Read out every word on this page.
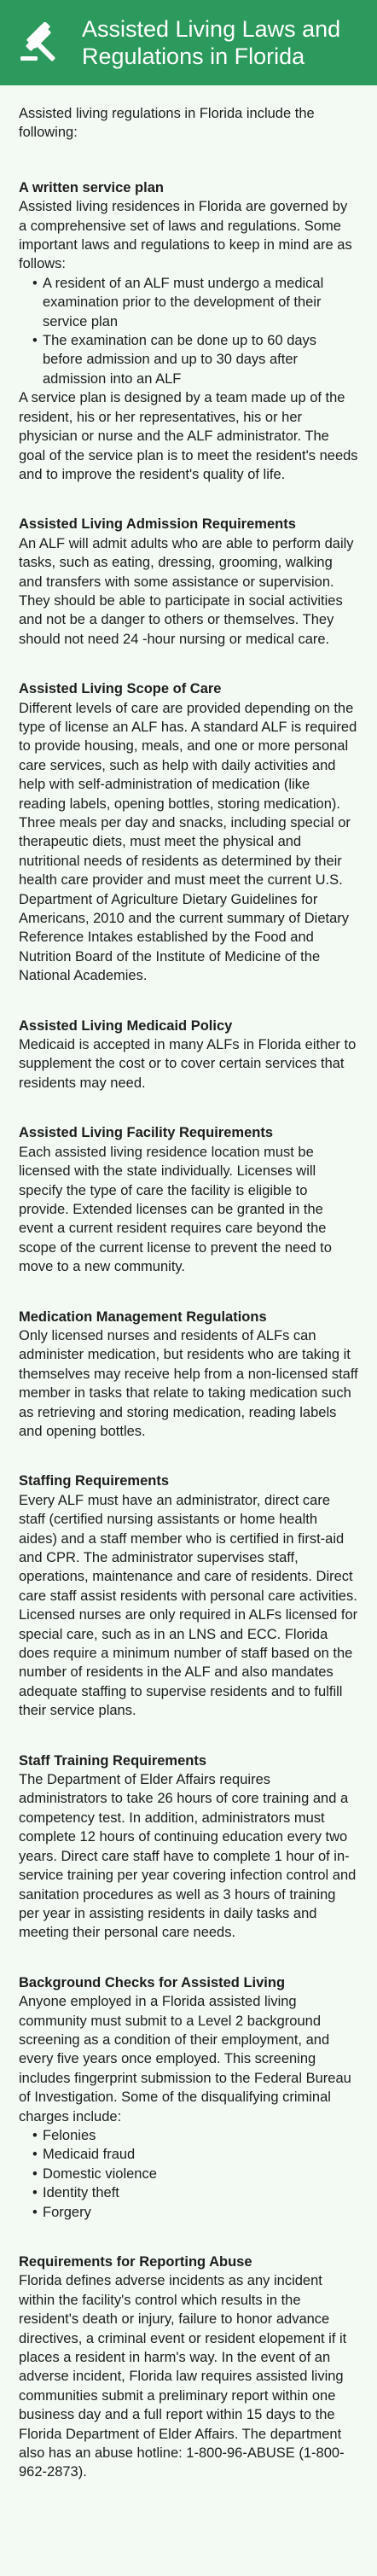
Assisted Living Laws and Regulations in Florida

Assisted living regulations in Florida include the following:

A written service plan

Assisted living residences in Florida are governed by a comprehensive set of laws and regulations. Some important laws and regulations to keep in mind are as follows:

• A resident of an ALF must undergo a medical examination prior to the development of their service plan
• The examination can be done up to 60 days before admission and up to 30 days after admission into an ALF

A service plan is designed by a team made up of the resident, his or her representatives, his or her physician or nurse and the ALF administrator. The goal of the service plan is to meet the resident's needs and to improve the resident's quality of life.

Assisted Living Admission Requirements

An ALF will admit adults who are able to perform daily tasks, such as eating, dressing, grooming, walking and transfers with some assistance or supervision. They should be able to participate in social activities and not be a danger to others or themselves. They should not need 24 -hour nursing or medical care.

Assisted Living Scope of Care

Different levels of care are provided depending on the type of license an ALF has. A standard ALF is required to provide housing, meals, and one or more personal care services, such as help with daily activities and help with self-administration of medication (like reading labels, opening bottles, storing medication). Three meals per day and snacks, including special or therapeutic diets, must meet the physical and nutritional needs of residents as determined by their health care provider and must meet the current U.S. Department of Agriculture Dietary Guidelines for Americans, 2010 and the current summary of Dietary Reference Intakes established by the Food and Nutrition Board of the Institute of Medicine of the National Academies.

Assisted Living Medicaid Policy

Medicaid is accepted in many ALFs in Florida either to supplement the cost or to cover certain services that residents may need.

Assisted Living Facility Requirements

Each assisted living residence location must be licensed with the state individually. Licenses will specify the type of care the facility is eligible to provide. Extended licenses can be granted in the event a current resident requires care beyond the scope of the current license to prevent the need to move to a new community.

Medication Management Regulations

Only licensed nurses and residents of ALFs can administer medication, but residents who are taking it themselves may receive help from a non-licensed staff member in tasks that relate to taking medication such as retrieving and storing medication, reading labels and opening bottles.

Staffing Requirements

Every ALF must have an administrator, direct care staff (certified nursing assistants or home health aides) and a staff member who is certified in first-aid and CPR. The administrator supervises staff, operations, maintenance and care of residents. Direct care staff assist residents with personal care activities. Licensed nurses are only required in ALFs licensed for special care, such as in an LNS and ECC. Florida does require a minimum number of staff based on the number of residents in the ALF and also mandates adequate staffing to supervise residents and to fulfill their service plans.

Staff Training Requirements

The Department of Elder Affairs requires administrators to take 26 hours of core training and a competency test. In addition, administrators must complete 12 hours of continuing education every two years. Direct care staff have to complete 1 hour of in-service training per year covering infection control and sanitation procedures as well as 3 hours of training per year in assisting residents in daily tasks and meeting their personal care needs.

Background Checks for Assisted Living

Anyone employed in a Florida assisted living community must submit to a Level 2 background screening as a condition of their employment, and every five years once employed. This screening includes fingerprint submission to the Federal Bureau of Investigation. Some of the disqualifying criminal charges include:

• Felonies
• Medicaid fraud
• Domestic violence
• Identity theft
• Forgery
Requirements for Reporting Abuse

Florida defines adverse incidents as any incident within the facility's control which results in the resident's death or injury, failure to honor advance directives, a criminal event or resident elopement if it places a resident in harm's way. In the event of an adverse incident, Florida law requires assisted living communities submit a preliminary report within one business day and a full report within 15 days to the Florida Department of Elder Affairs. The department also has an abuse hotline: 1-800-96-ABUSE (1-800-962-2873).
